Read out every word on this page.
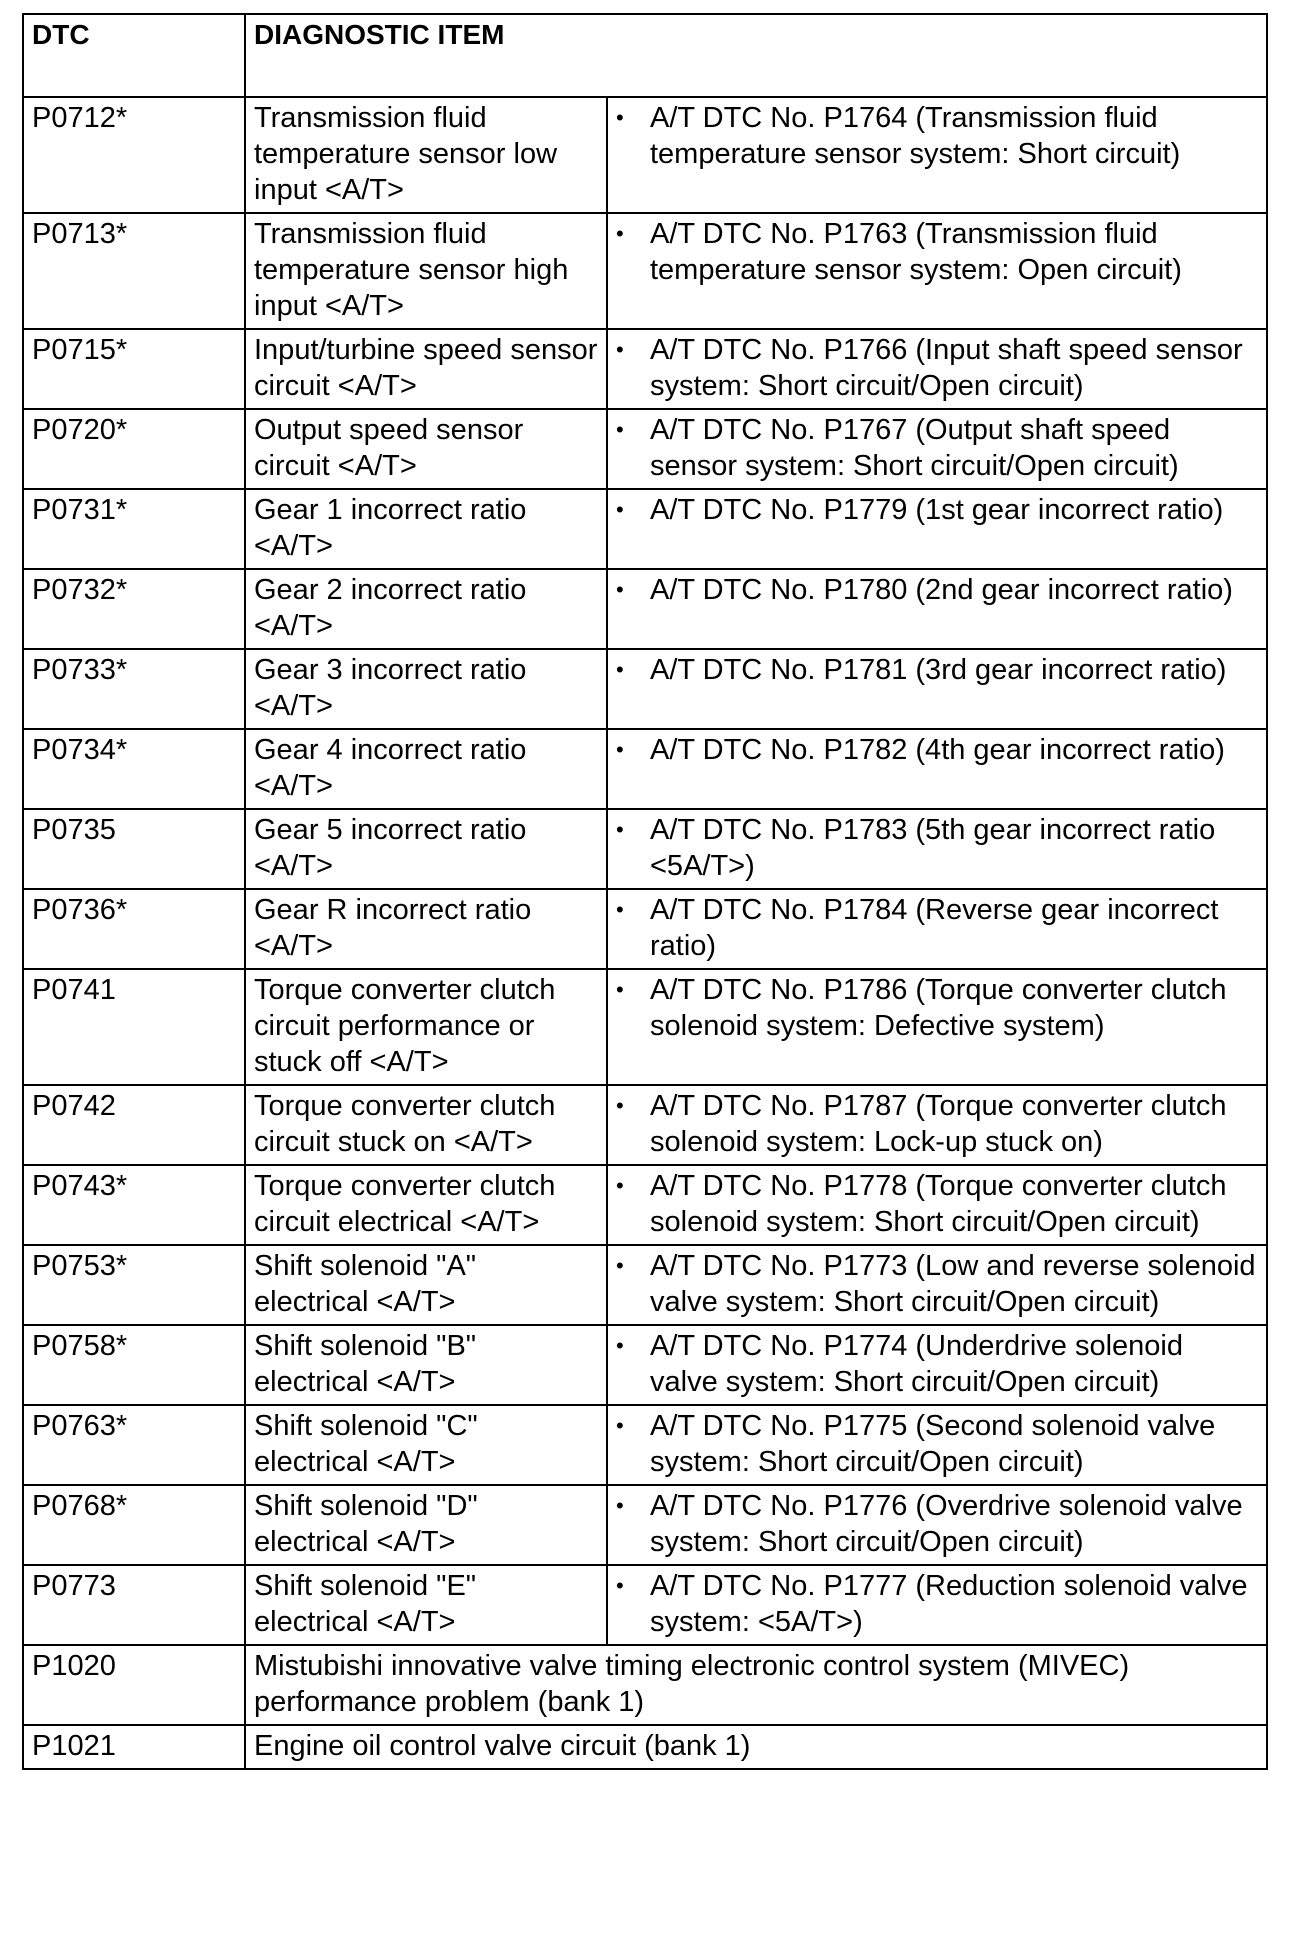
DTC	DIAGNOSTIC ITEM	
P0712*	Transmission fluid temperature sensor low input <A/T>	• A/T DTC No. P1764 (Transmission fluid temperature sensor system: Short circuit)

P0713*	Transmission fluid temperature sensor high input <A/T>	• A/T DTC No. P1763 (Transmission fluid temperature sensor system: Open circuit)

P0715*	Input/turbine speed sensor circuit <A/T>	• A/T DTC No. P1766 (Input shaft speed sensor system: Short circuit/Open circuit)

P0720*	Output speed sensor circuit <A/T>	• A/T DTC No. P1767 (Output shaft speed sensor system: Short circuit/Open circuit)

P0731*	Gear 1 incorrect ratio <A/T>	• A/T DTC No. P1779 (1st gear incorrect ratio)

P0732*	Gear 2 incorrect ratio <A/T>	• A/T DTC No. P1780 (2nd gear incorrect ratio)

P0733*	Gear 3 incorrect ratio <A/T>	• A/T DTC No. P1781 (3rd gear incorrect ratio)

P0734*	Gear 4 incorrect ratio <A/T>	• A/T DTC No. P1782 (4th gear incorrect ratio)

P0735	Gear 5 incorrect ratio <A/T>	• A/T DTC No. P1783 (5th gear incorrect ratio <5A/T>)

P0736*	Gear R incorrect ratio <A/T>	• A/T DTC No. P1784 (Reverse gear incorrect ratio)

P0741	Torque converter clutch circuit performance or stuck off <A/T>	• A/T DTC No. P1786 (Torque converter clutch solenoid system: Defective system)

P0742	Torque converter clutch circuit stuck on <A/T>	• A/T DTC No. P1787 (Torque converter clutch solenoid system: Lock-up stuck on)

P0743*	Torque converter clutch circuit electrical <A/T>	• A/T DTC No. P1778 (Torque converter clutch solenoid system: Short circuit/Open circuit)

P0753*	Shift solenoid "A" electrical <A/T>	• A/T DTC No. P1773 (Low and reverse solenoid valve system: Short circuit/Open circuit)

P0758*	Shift solenoid "B" electrical <A/T>	• A/T DTC No. P1774 (Underdrive solenoid valve system: Short circuit/Open circuit)

P0763*	Shift solenoid "C" electrical <A/T>	• A/T DTC No. P1775 (Second solenoid valve system: Short circuit/Open circuit)

P0768*	Shift solenoid "D" electrical <A/T>	• A/T DTC No. P1776 (Overdrive solenoid valve system: Short circuit/Open circuit)

P0773	Shift solenoid "E" electrical <A/T>	• A/T DTC No. P1777 (Reduction solenoid valve system: <5A/T>)

P1020	Mistubishi innovative valve timing electronic control system (MIVEC) performance problem (bank 1)	
P1021	Engine oil control valve circuit (bank 1)	
